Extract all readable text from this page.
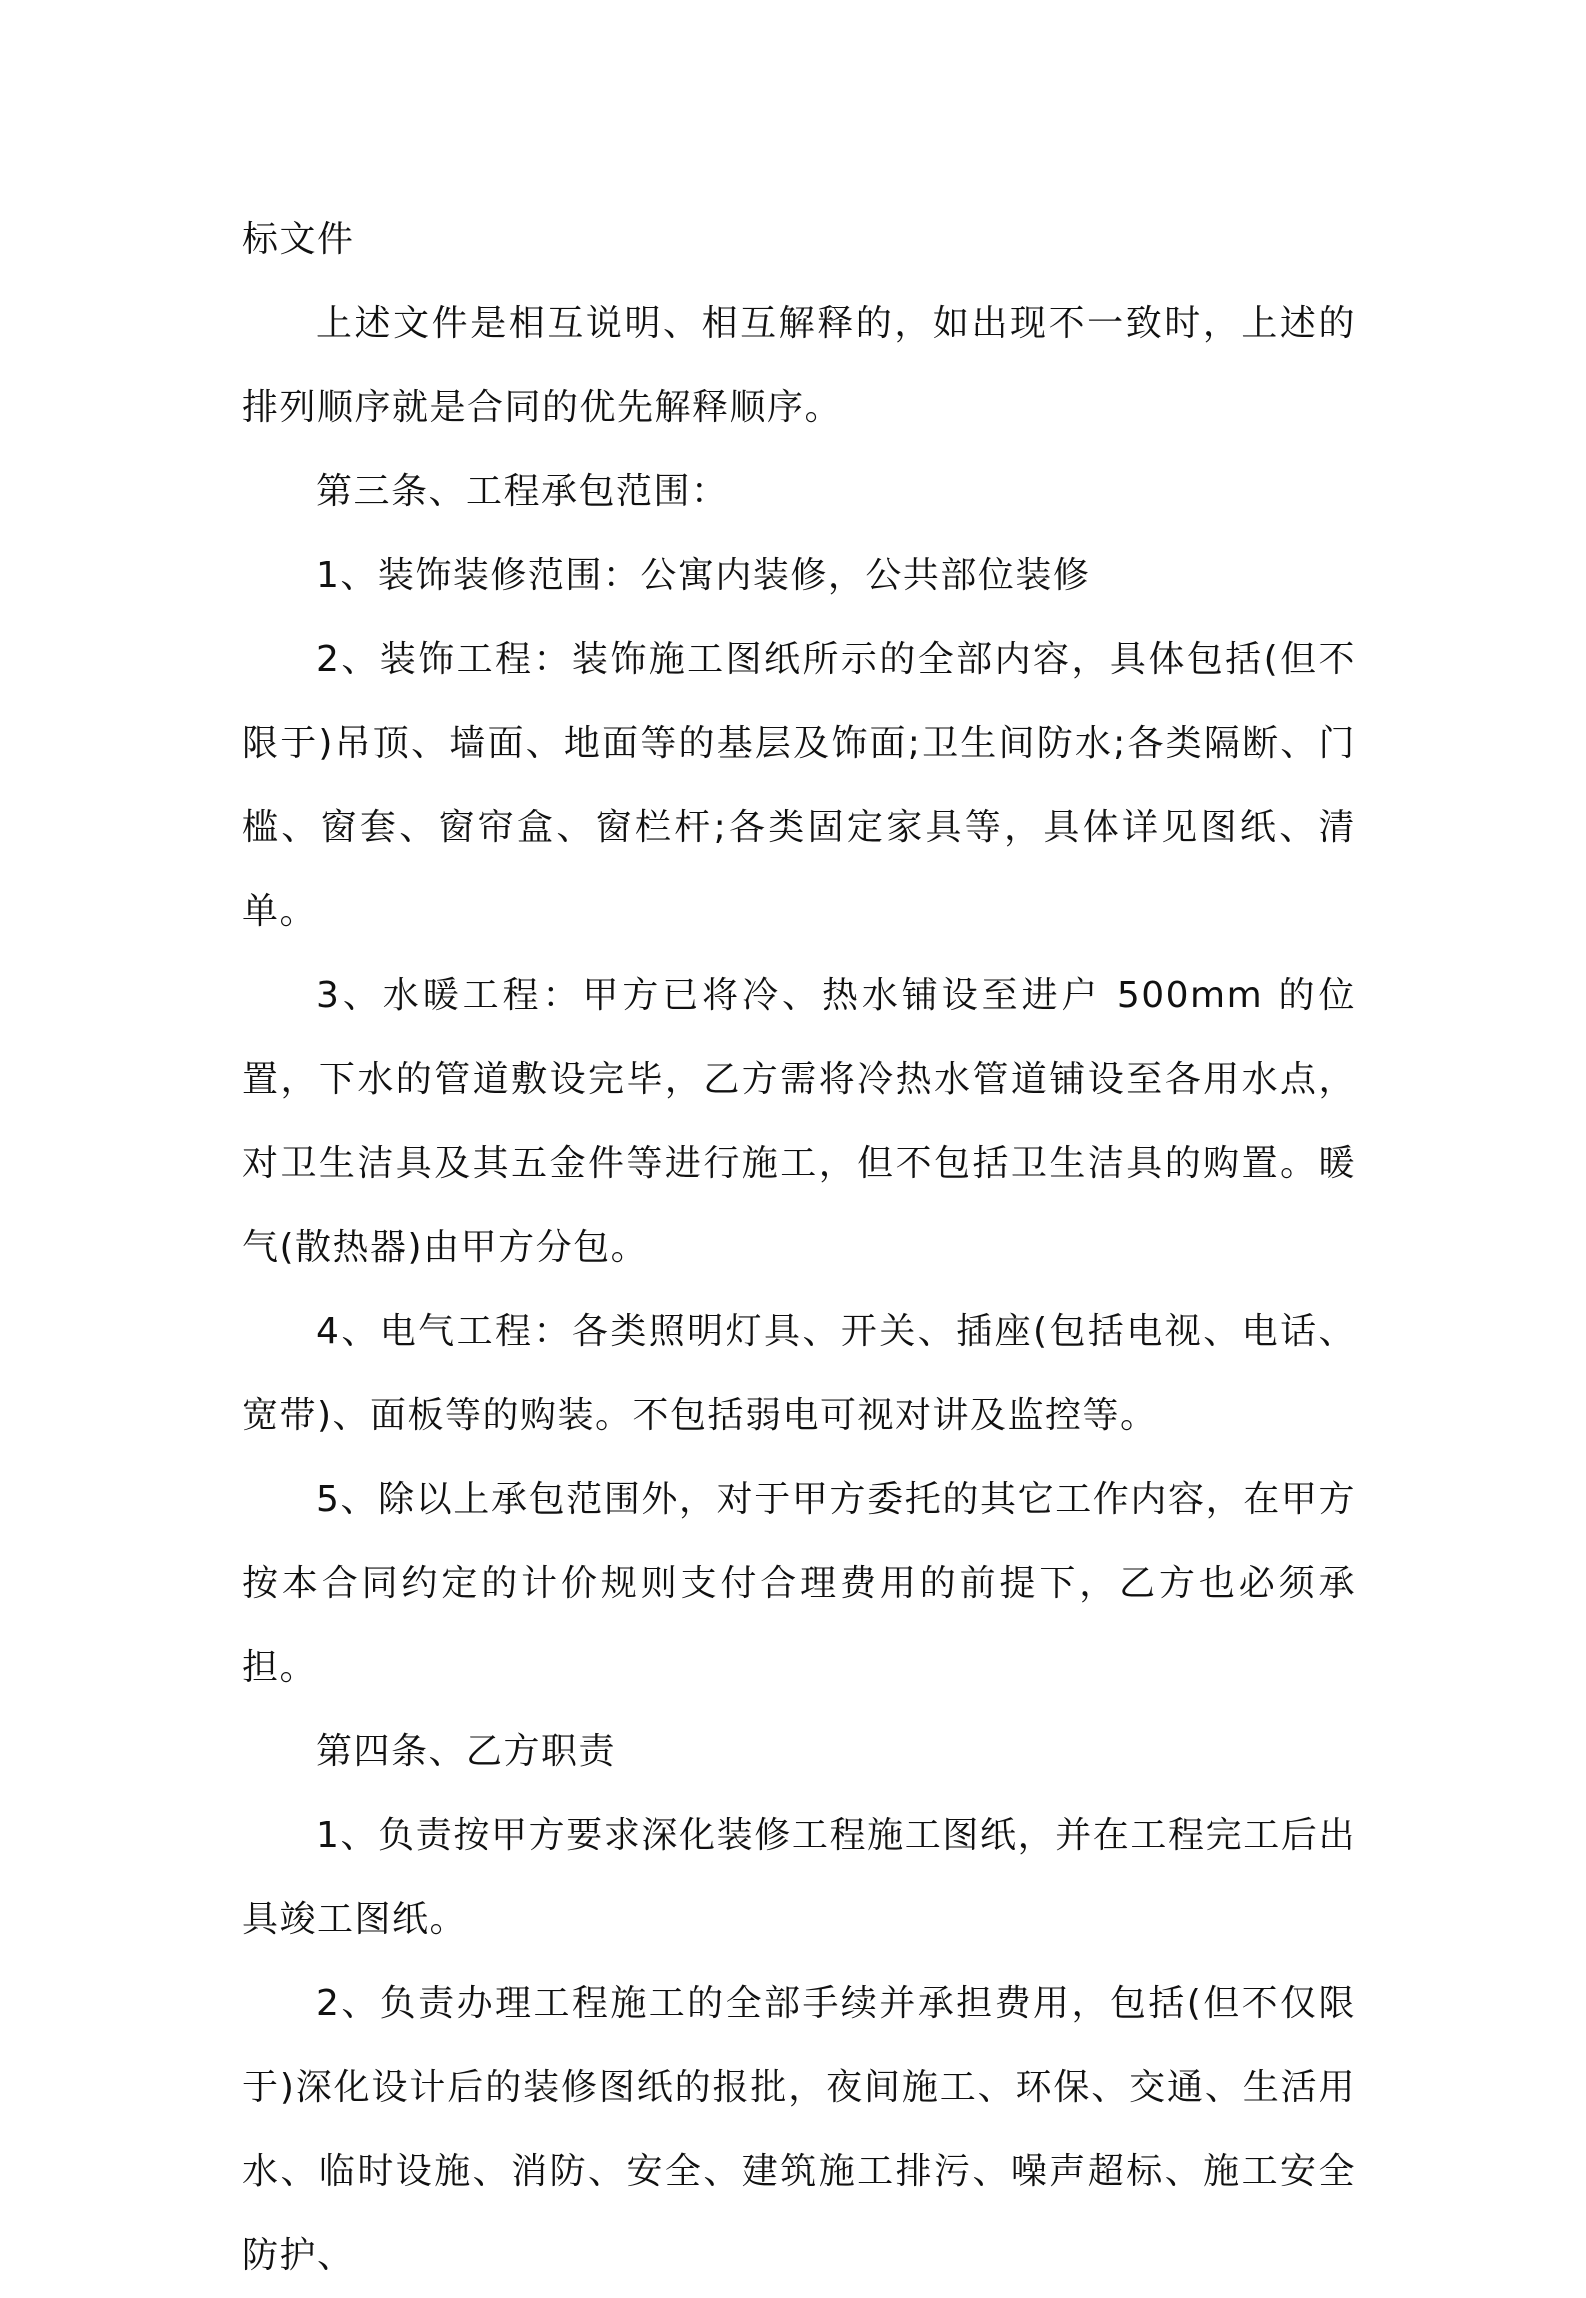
标文件

上述文件是相互说明、相互解释的，如出现不一致时，上述的排列顺序就是合同的优先解释顺序。

第三条、工程承包范围：

1、装饰装修范围：公寓内装修，公共部位装修

2、装饰工程：装饰施工图纸所示的全部内容，具体包括(但不限于)吊顶、墙面、地面等的基层及饰面;卫生间防水;各类隔断、门槛、窗套、窗帘盒、窗栏杆;各类固定家具等，具体详见图纸、清单。

3、水暖工程：甲方已将冷、热水铺设至进户 500mm 的位置，下水的管道敷设完毕，乙方需将冷热水管道铺设至各用水点，对卫生洁具及其五金件等进行施工，但不包括卫生洁具的购置。暖气(散热器)由甲方分包。

4、电气工程：各类照明灯具、开关、插座(包括电视、电话、宽带)、面板等的购装。不包括弱电可视对讲及监控等。

5、除以上承包范围外，对于甲方委托的其它工作内容，在甲方按本合同约定的计价规则支付合理费用的前提下，乙方也必须承担。

第四条、乙方职责

1、负责按甲方要求深化装修工程施工图纸，并在工程完工后出具竣工图纸。

2、负责办理工程施工的全部手续并承担费用，包括(但不仅限于)深化设计后的装修图纸的报批，夜间施工、环保、交通、生活用水、临时设施、消防、安全、建筑施工排污、噪声超标、施工安全防护、
